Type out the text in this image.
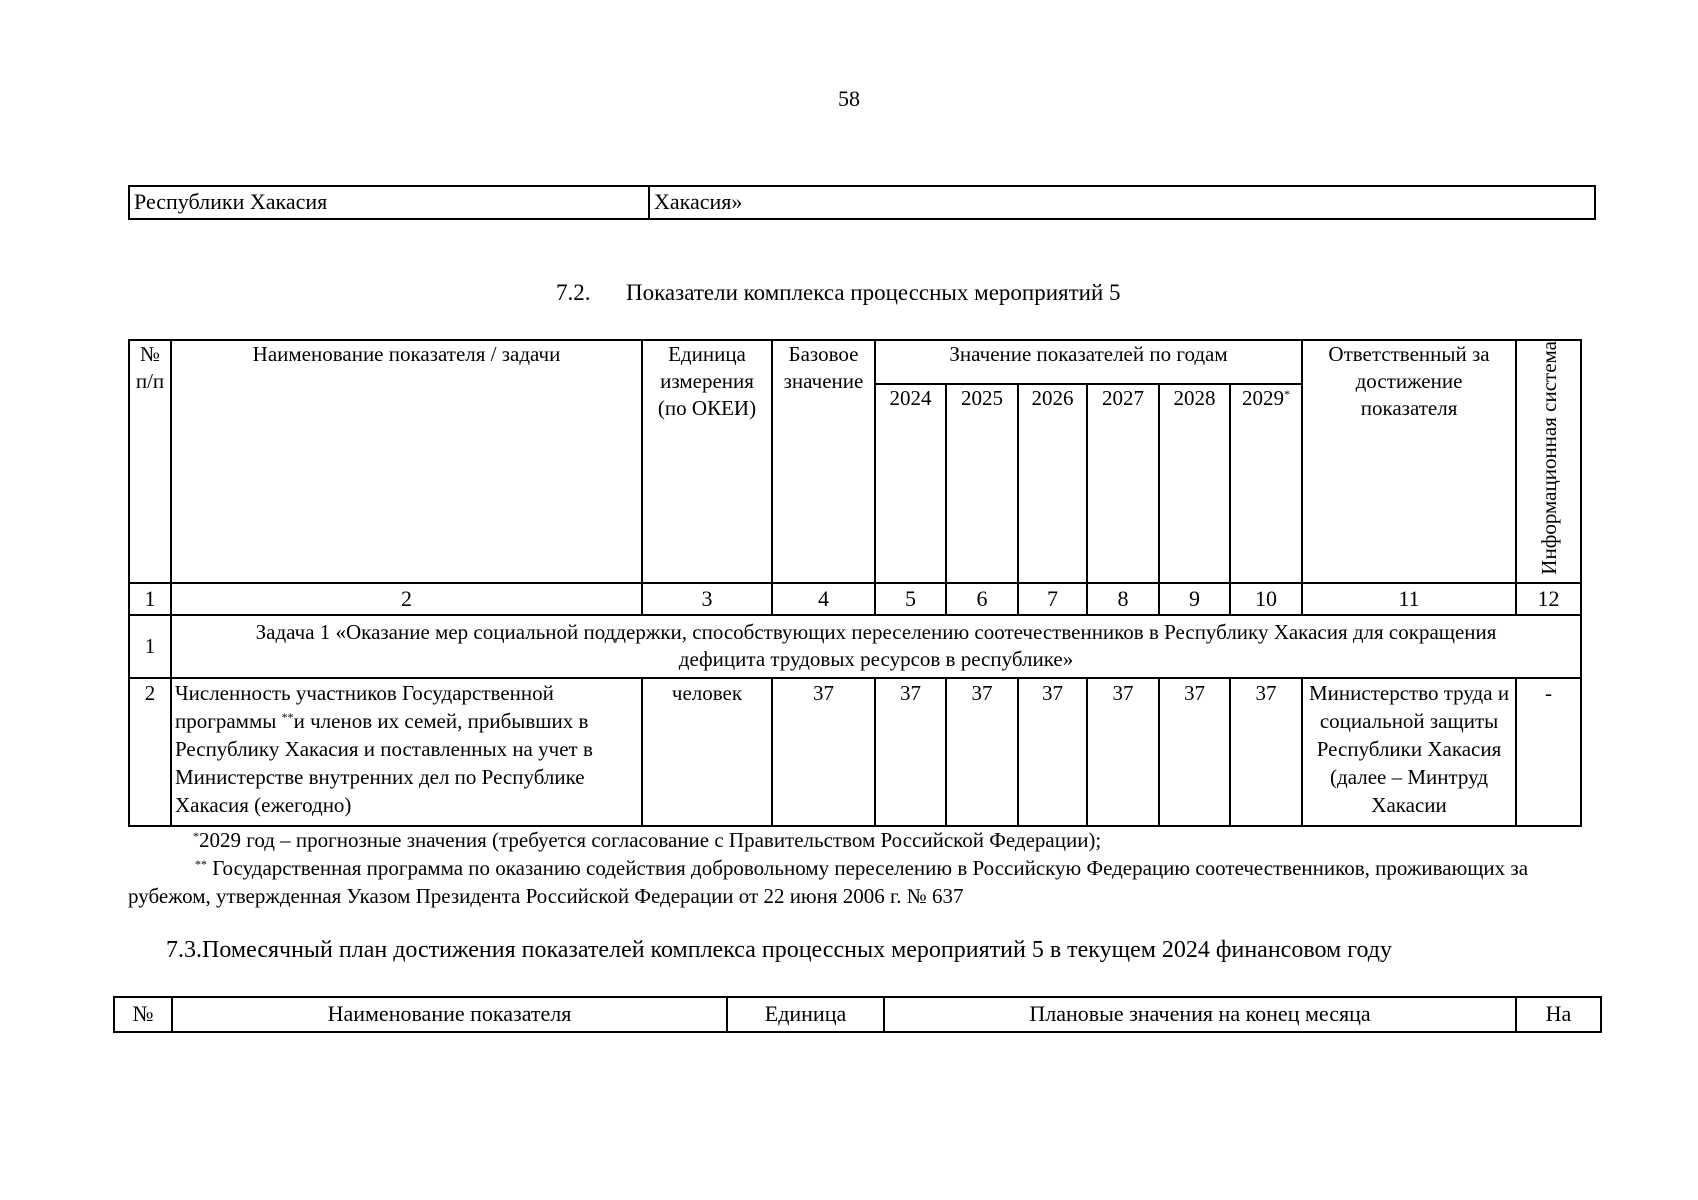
58
Республики Хакасия	Хакасия»
7.2. Показатели комплекса процессных мероприятий 5
№ п/п	Наименование показателя / задачи	Единица измерения (по ОКЕИ)	Базовое значение	Значение показателей по годам						Ответственный за достижение показателя	Информационная система
				2024	2025	2026	2027	2028	2029*
1	2	3	4	5	6	7	8	9	10	11	12
1	Задача 1 «Оказание мер социальной поддержки, способствующих переселению соотечественников в Республику Хакасия для сокращения дефицита трудовых ресурсов в республике»										
2	Численность участников Государственной программы **и членов их семей, прибывших в Республику Хакасия и поставленных на учет в Министерстве внутренних дел по Республике Хакасия (ежегодно)	человек	37	37	37	37	37	37	37	Министерство труда и социальной защиты Республики Хакасия (далее – Минтруд Хакасии	-

*2029 год – прогнозные значения (требуется согласование с Правительством Российской Федерации);

** Государственная программа по оказанию содействия добровольному переселению в Российскую Федерацию соотечественников, проживающих за рубежом, утвержденная Указом Президента Российской Федерации от 22 июня 2006 г. № 637

7.3.Помесячный план достижения показателей комплекса процессных мероприятий 5 в текущем 2024 финансовом году
№	Наименование показателя	Единица	Плановые значения на конец месяца	На
